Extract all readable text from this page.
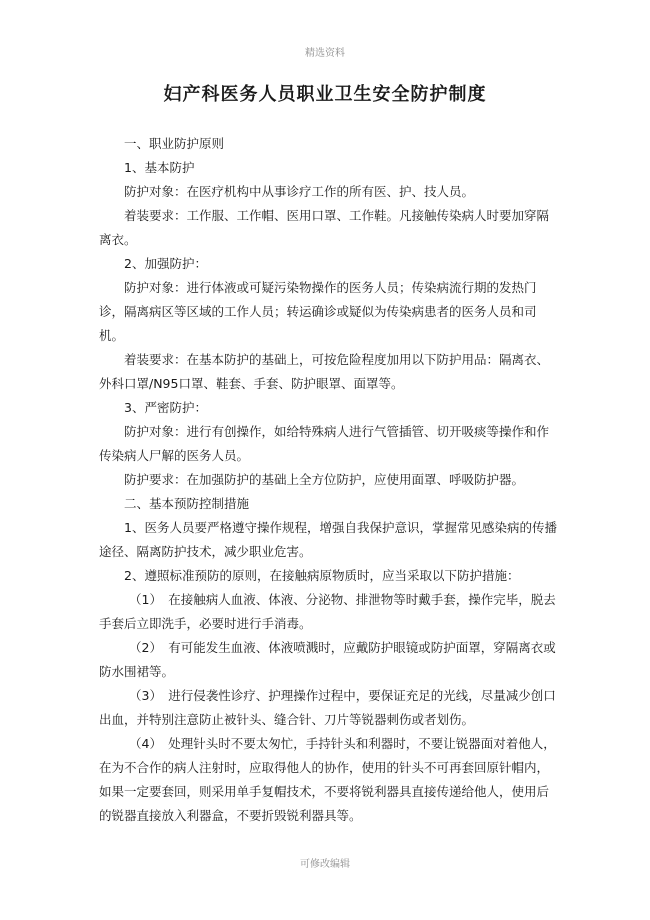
精选资料
妇产科医务人员职业卫生安全防护制度

一、职业防护原则

1、基本防护

防护对象：在医疗机构中从事诊疗工作的所有医、护、技人员。

着装要求：工作服、工作帽、医用口罩、工作鞋。凡接触传染病人时要加穿隔离衣。

2、加强防护：

防护对象：进行体液或可疑污染物操作的医务人员；传染病流行期的发热门诊，隔离病区等区域的工作人员；转运确诊或疑似为传染病患者的医务人员和司机。

着装要求：在基本防护的基础上，可按危险程度加用以下防护用品：隔离衣、外科口罩/N95口罩、鞋套、手套、防护眼罩、面罩等。

3、严密防护：

防护对象：进行有创操作，如给特殊病人进行气管插管、切开吸痰等操作和作传染病人尸解的医务人员。

防护要求：在加强防护的基础上全方位防护，应使用面罩、呼吸防护器。

二、基本预防控制措施

1、医务人员要严格遵守操作规程，增强自我保护意识，掌握常见感染病的传播途径、隔离防护技术，减少职业危害。

2、遵照标准预防的原则，在接触病原物质时，应当采取以下防护措施：

（1）　在接触病人血液、体液、分泌物、排泄物等时戴手套，操作完毕，脱去手套后立即洗手，必要时进行手消毒。

（2）　有可能发生血液、体液喷溅时，应戴防护眼镜或防护面罩，穿隔离衣或防水围裙等。

（3）　进行侵袭性诊疗、护理操作过程中，要保证充足的光线，尽量减少创口出血，并特别注意防止被针头、缝合针、刀片等锐器刺伤或者划伤。

（4）　处理针头时不要太匆忙，手持针头和利器时，不要让锐器面对着他人，在为不合作的病人注射时，应取得他人的协作，使用的针头不可再套回原针帽内，如果一定要套回，则采用单手复帽技术，不要将锐利器具直接传递给他人，使用后的锐器直接放入利器盒，不要折毁锐利器具等。

可修改编辑
